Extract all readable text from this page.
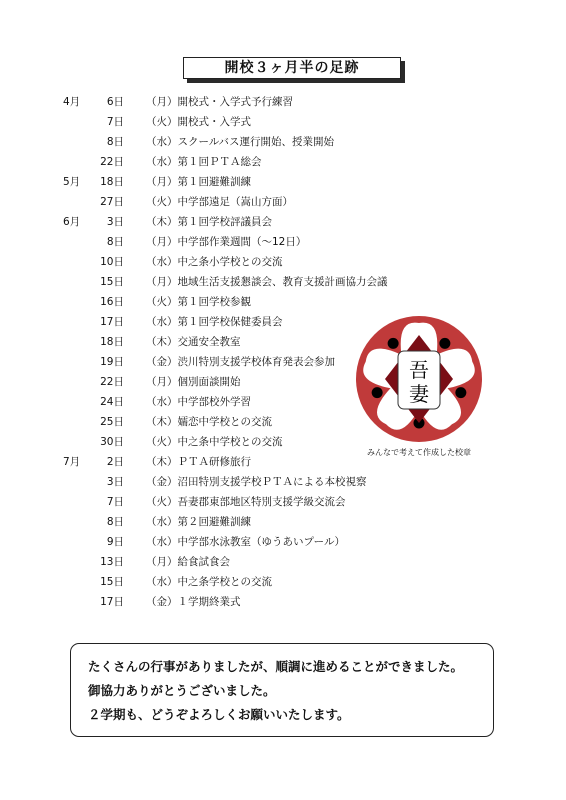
開校３ヶ月半の足跡
4月	6日 （月）開校式・入学式予行練習
7日 （火）開校式・入学式
8日 （水）スクールバス運行開始、授業開始
22日 （水）第１回ＰＴＡ総会
5月	18日 （月）第１回避難訓練
27日 （火）中学部遠足（嵩山方面）
6月	3日 （木）第１回学校評議員会
8日 （月）中学部作業週間（～12日）
10日 （水）中之条小学校との交流
15日 （月）地域生活支援懇談会、教育支援計画協力会議
16日 （火）第１回学校参観
17日 （水）第１回学校保健委員会
18日 （木）交通安全教室
19日 （金）渋川特別支援学校体育発表会参加
22日 （月）個別面談開始
24日 （水）中学部校外学習
25日 （木）嬬恋中学校との交流
30日 （火）中之条中学校との交流
7月	2日 （木）ＰＴＡ研修旅行
3日 （金）沼田特別支援学校ＰＴＡによる本校視察
7日 （火）吾妻郡東部地区特別支援学級交流会
8日 （水）第２回避難訓練
9日 （水）中学部水泳教室（ゆうあいプール）
13日 （月）給食試食会
15日 （水）中之条学校との交流
17日 （金）１学期終業式
吾
妻
みんなで考えて作成した校章
たくさんの行事がありましたが、順調に進めることができました。
御協力ありがとうございました。
２学期も、どうぞよろしくお願いいたします。
